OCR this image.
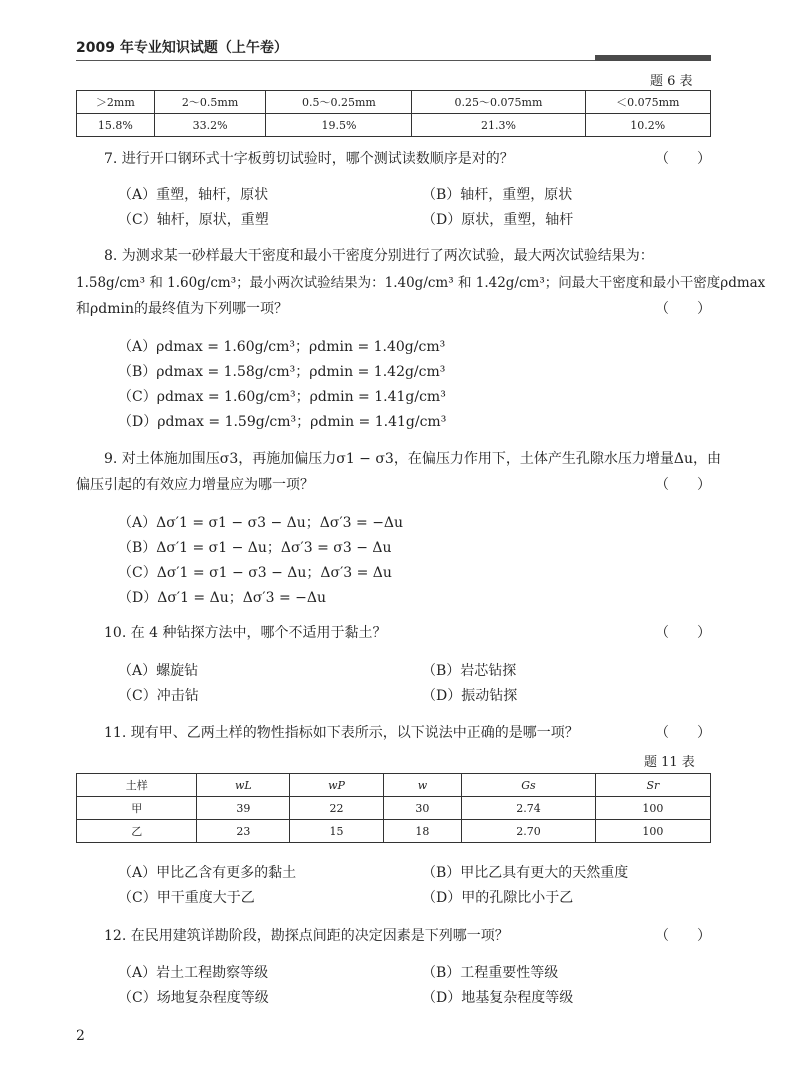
2009 年专业知识试题（上午卷）
题 6 表
＞2mm	2～0.5mm	0.5～0.25mm	0.25～0.075mm	＜0.075mm
15.8%	33.2%	19.5%	21.3%	10.2%
7. 进行开口钢环式十字板剪切试验时，哪个测试读数顺序是对的？	（　　）
（A）重塑，轴杆，原状	（B）轴杆，重塑，原状
（C）轴杆，原状，重塑	（D）原状，重塑，轴杆
8. 为测求某一砂样最大干密度和最小干密度分别进行了两次试验，最大两次试验结果为：
1.58g/cm³ 和 1.60g/cm³；最小两次试验结果为：1.40g/cm³ 和 1.42g/cm³；问最大干密度和最小干密度ρdmax
和ρdmin的最终值为下列哪一项？	（　　）
（A）ρdmax = 1.60g/cm³；ρdmin = 1.40g/cm³
（B）ρdmax = 1.58g/cm³；ρdmin = 1.42g/cm³
（C）ρdmax = 1.60g/cm³；ρdmin = 1.41g/cm³
（D）ρdmax = 1.59g/cm³；ρdmin = 1.41g/cm³
9. 对土体施加围压σ3，再施加偏压力σ1 − σ3，在偏压力作用下，土体产生孔隙水压力增量Δu，由
偏压引起的有效应力增量应为哪一项？	（　　）
（A）Δσ′1 = σ1 − σ3 − Δu；Δσ′3 = −Δu
（B）Δσ′1 = σ1 − Δu；Δσ′3 = σ3 − Δu
（C）Δσ′1 = σ1 − σ3 − Δu；Δσ′3 = Δu
（D）Δσ′1 = Δu；Δσ′3 = −Δu
10. 在 4 种钻探方法中，哪个不适用于黏土？	（　　）
（A）螺旋钻	（B）岩芯钻探
（C）冲击钻	（D）振动钻探
11. 现有甲、乙两土样的物性指标如下表所示，以下说法中正确的是哪一项？	（　　）
题 11 表
土样	wL	wP	w	Gs	Sr
甲	39	22	30	2.74	100
乙	23	15	18	2.70	100
（A）甲比乙含有更多的黏土	（B）甲比乙具有更大的天然重度
（C）甲干重度大于乙	（D）甲的孔隙比小于乙
12. 在民用建筑详勘阶段，勘探点间距的决定因素是下列哪一项？	（　　）
（A）岩土工程勘察等级	（B）工程重要性等级
（C）场地复杂程度等级	（D）地基复杂程度等级
2
